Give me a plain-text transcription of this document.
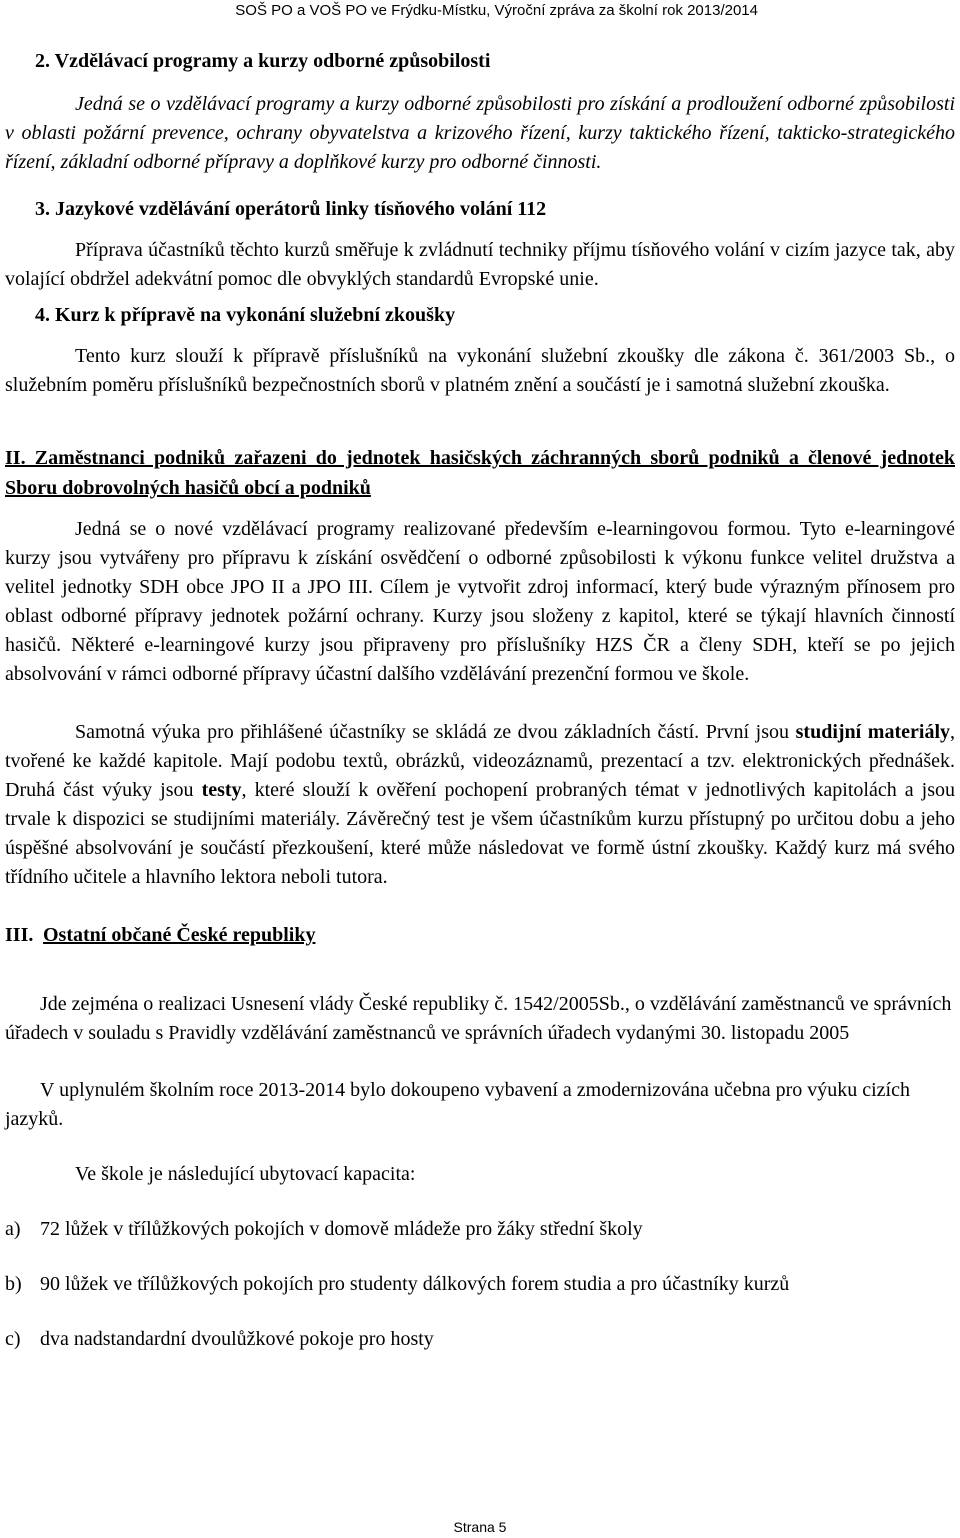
SOŠ PO a VOŠ PO ve Frýdku-Místku, Výroční zpráva za školní rok 2013/2014

2. Vzdělávací programy a kurzy odborné způsobilosti

Jedná se o vzdělávací programy a kurzy odborné způsobilosti pro získání a prodloužení odborné způsobilosti v oblasti požární prevence, ochrany obyvatelstva a krizového řízení, kurzy taktického řízení, takticko-strategického řízení, základní odborné přípravy a doplňkové kurzy pro odborné činnosti.

3. Jazykové vzdělávání operátorů linky tísňového volání 112

Příprava účastníků těchto kurzů směřuje k zvládnutí techniky příjmu tísňového volání v cizím jazyce tak, aby volající obdržel adekvátní pomoc dle obvyklých standardů Evropské unie.

4. Kurz k přípravě na vykonání služební zkoušky

Tento kurz slouží k přípravě příslušníků na vykonání služební zkoušky dle zákona č. 361/2003 Sb., o služebním poměru příslušníků bezpečnostních sborů v platném znění a součástí je i samotná služební zkouška.

II. Zaměstnanci podniků zařazeni do jednotek hasičských záchranných sborů podniků a členové jednotek Sboru dobrovolných hasičů obcí a podniků

Jedná se o nové vzdělávací programy realizované především e-learningovou formou. Tyto e-learningové kurzy jsou vytvářeny pro přípravu k získání osvědčení o odborné způsobilosti k výkonu funkce velitel družstva a velitel jednotky SDH obce JPO II a JPO III. Cílem je vytvořit zdroj informací, který bude výrazným přínosem pro oblast odborné přípravy jednotek požární ochrany. Kurzy jsou složeny z kapitol, které se týkají hlavních činností hasičů. Některé e-learningové kurzy jsou připraveny pro příslušníky HZS ČR a členy SDH, kteří se po jejich absolvování v rámci odborné přípravy účastní dalšího vzdělávání prezenční formou ve škole.

Samotná výuka pro přihlášené účastníky se skládá ze dvou základních částí. První jsou studijní materiály, tvořené ke každé kapitole. Mají podobu textů, obrázků, videozáznamů, prezentací a tzv. elektronických přednášek. Druhá část výuky jsou testy, které slouží k ověření pochopení probraných témat v jednotlivých kapitolách a jsou trvale k dispozici se studijními materiály. Závěrečný test je všem účastníkům kurzu přístupný po určitou dobu a jeho úspěšné absolvování je součástí přezkoušení, které může následovat ve formě ústní zkoušky. Každý kurz má svého třídního učitele a hlavního lektora neboli tutora.

III. Ostatní občané České republiky

Jde zejména o realizaci Usnesení vlády České republiky č. 1542/2005Sb., o vzdělávání zaměstnanců ve správních úřadech v souladu s Pravidly vzdělávání zaměstnanců ve správních úřadech vydanými 30. listopadu 2005

V uplynulém školním roce 2013-2014 bylo dokoupeno vybavení a zmodernizována učebna pro výuku cizích jazyků.

Ve škole je následující ubytovací kapacita:

a) 72 lůžek v třílůžkových pokojích v domově mládeže pro žáky střední školy
b) 90 lůžek ve třílůžkových pokojích pro studenty dálkových forem studia a pro účastníky kurzů
c) dva nadstandardní dvoulůžkové pokoje pro hosty

Strana 5
